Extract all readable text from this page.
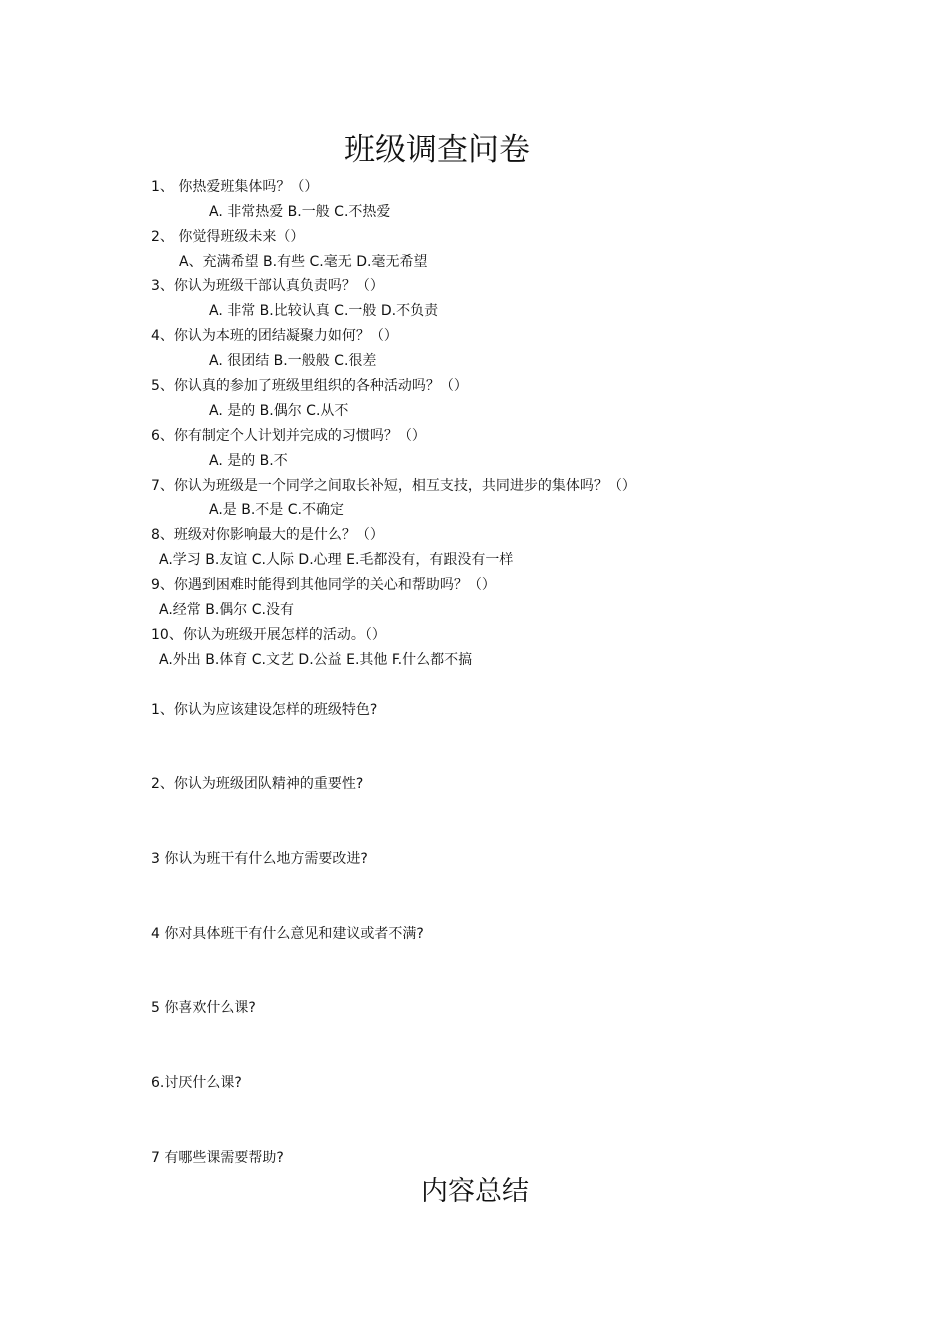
班级调查问卷
1、 你热爱班集体吗？（）
A. 非常热爱 B.一般 C.不热爱
2、 你觉得班级未来（）
A、充满希望 B.有些 C.毫无 D.毫无希望
3、你认为班级干部认真负责吗？（）
A. 非常 B.比较认真 C.一般 D.不负责
4、你认为本班的团结凝聚力如何？（）
A. 很团结 B.一般般 C.很差
5、你认真的参加了班级里组织的各种活动吗？（）
A. 是的 B.偶尔 C.从不
6、你有制定个人计划并完成的习惯吗？（）
A. 是的 B.不
7、你认为班级是一个同学之间取长补短，相互支技，共同进步的集体吗？（）
A.是 B.不是 C.不确定
8、班级对你影响最大的是什么？（）
A.学习 B.友谊 C.人际 D.心理 E.毛都没有，有跟没有一样
9、你遇到困难时能得到其他同学的关心和帮助吗？（）
A.经常 B.偶尔 C.没有
10、你认为班级开展怎样的活动。（）
A.外出 B.体育 C.文艺 D.公益 E.其他 F.什么都不搞
1、你认为应该建设怎样的班级特色?
2、你认为班级团队精神的重要性?
3 你认为班干有什么地方需要改进?
4 你对具体班干有什么意见和建议或者不满?
5 你喜欢什么课?
6.讨厌什么课?
7 有哪些课需要帮助?
内容总结
